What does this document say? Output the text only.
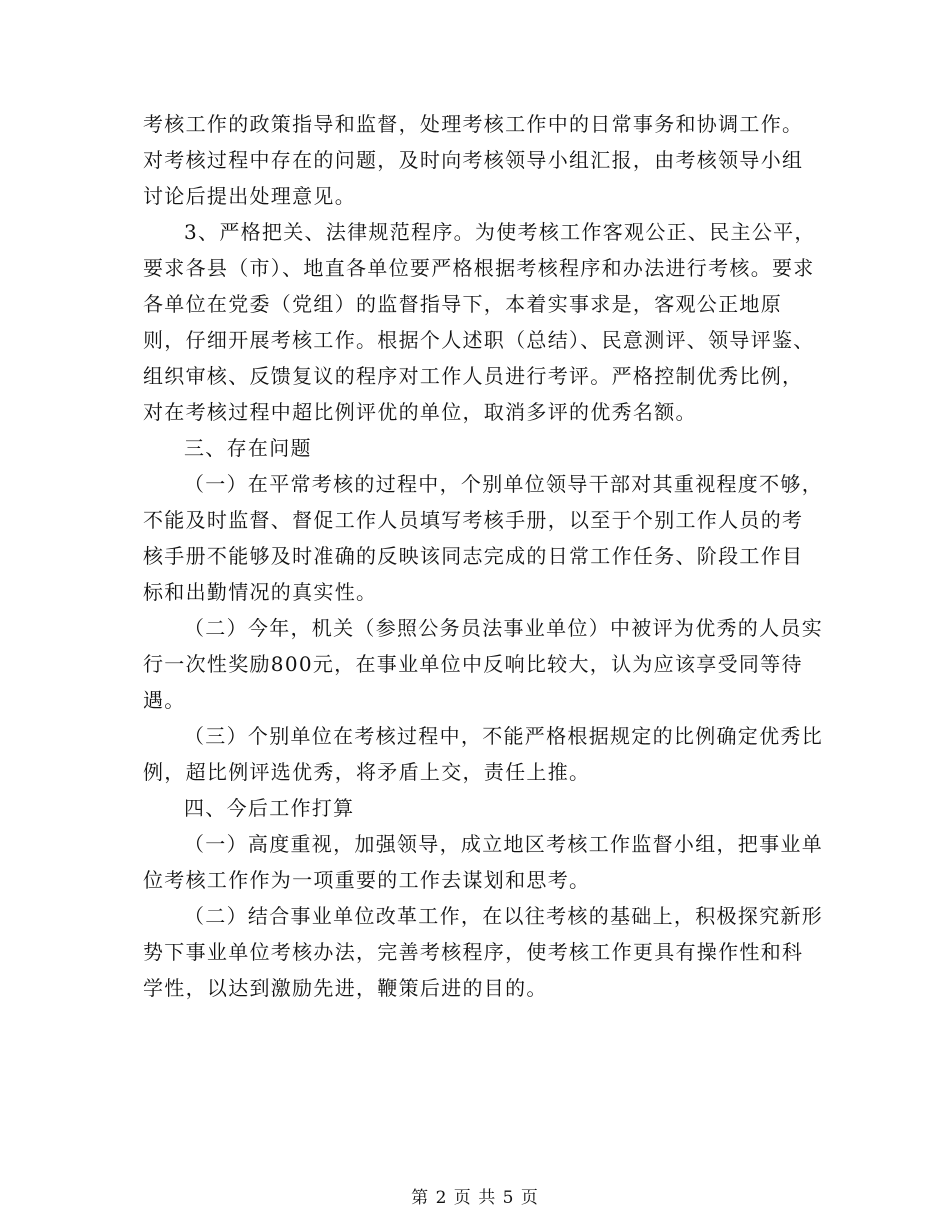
考核工作的政策指导和监督，处理考核工作中的日常事务和协调工作。对考核过程中存在的问题，及时向考核领导小组汇报，由考核领导小组讨论后提出处理意见。

3、严格把关、法律规范程序。为使考核工作客观公正、民主公平，要求各县（市）、地直各单位要严格根据考核程序和办法进行考核。要求各单位在党委（党组）的监督指导下，本着实事求是，客观公正地原则，仔细开展考核工作。根据个人述职（总结）、民意测评、领导评鉴、组织审核、反馈复议的程序对工作人员进行考评。严格控制优秀比例，对在考核过程中超比例评优的单位，取消多评的优秀名额。

三、存在问题

（一）在平常考核的过程中，个别单位领导干部对其重视程度不够，不能及时监督、督促工作人员填写考核手册，以至于个别工作人员的考核手册不能够及时准确的反映该同志完成的日常工作任务、阶段工作目标和出勤情况的真实性。

（二）今年，机关（参照公务员法事业单位）中被评为优秀的人员实行一次性奖励800元，在事业单位中反响比较大，认为应该享受同等待遇。

（三）个别单位在考核过程中，不能严格根据规定的比例确定优秀比例，超比例评选优秀，将矛盾上交，责任上推。

四、今后工作打算

（一）高度重视，加强领导，成立地区考核工作监督小组，把事业单位考核工作作为一项重要的工作去谋划和思考。

（二）结合事业单位改革工作，在以往考核的基础上，积极探究新形势下事业单位考核办法，完善考核程序，使考核工作更具有操作性和科学性，以达到激励先进，鞭策后进的目的。

第 2 页 共 5 页
